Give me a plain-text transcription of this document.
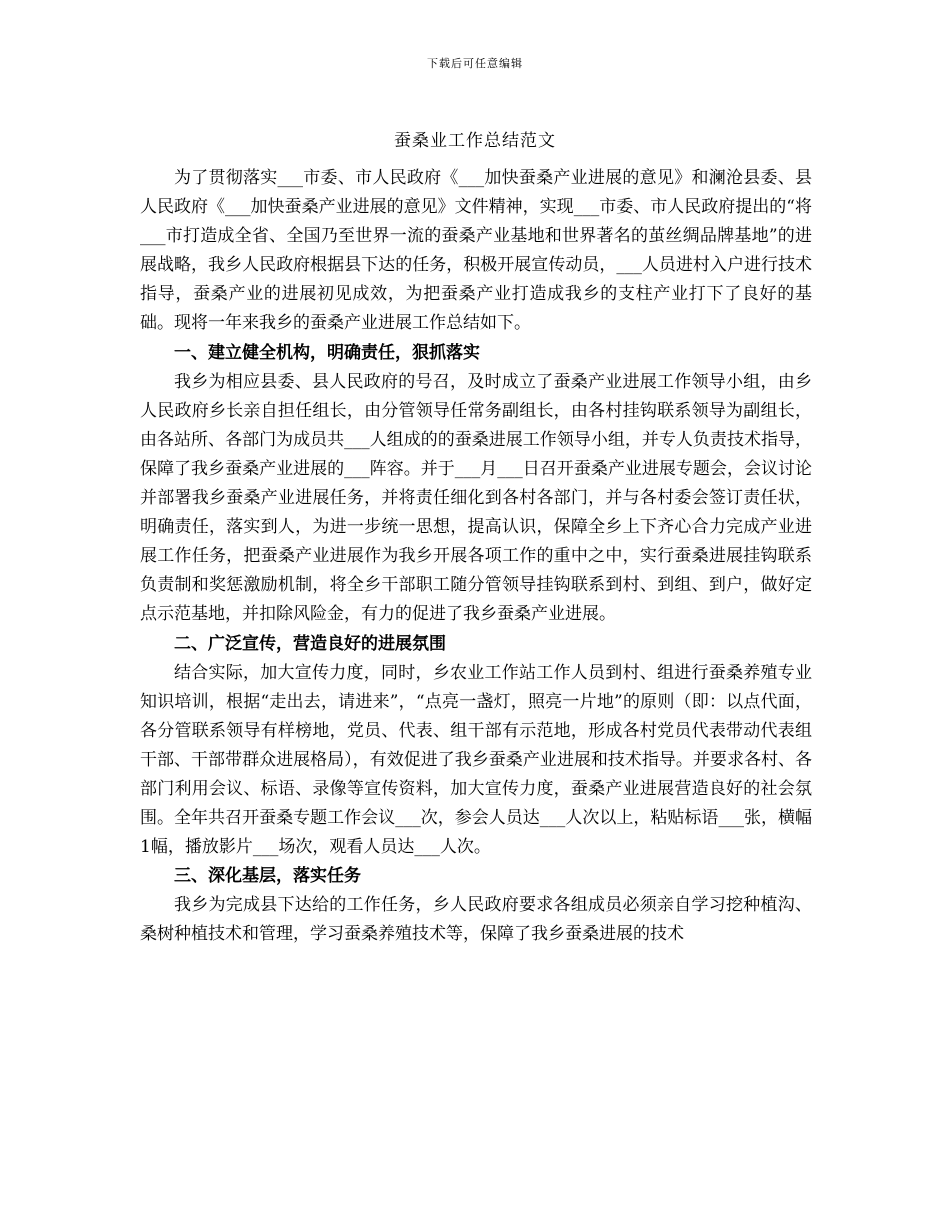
下载后可任意编辑
蚕桑业工作总结范文

为了贯彻落实___市委、市人民政府《___加快蚕桑产业进展的意见》和澜沧县委、县人民政府《___加快蚕桑产业进展的意见》文件精神，实现___市委、市人民政府提出的“将___市打造成全省、全国乃至世界一流的蚕桑产业基地和世界著名的茧丝绸品牌基地”的进展战略，我乡人民政府根据县下达的任务，积极开展宣传动员，___人员进村入户进行技术指导，蚕桑产业的进展初见成效，为把蚕桑产业打造成我乡的支柱产业打下了良好的基础。现将一年来我乡的蚕桑产业进展工作总结如下。

一、建立健全机构，明确责任，狠抓落实

我乡为相应县委、县人民政府的号召，及时成立了蚕桑产业进展工作领导小组，由乡人民政府乡长亲自担任组长，由分管领导任常务副组长，由各村挂钩联系领导为副组长，由各站所、各部门为成员共___人组成的的蚕桑进展工作领导小组，并专人负责技术指导，保障了我乡蚕桑产业进展的___阵容。并于___月___日召开蚕桑产业进展专题会，会议讨论并部署我乡蚕桑产业进展任务，并将责任细化到各村各部门，并与各村委会签订责任状，明确责任，落实到人，为进一步统一思想，提高认识，保障全乡上下齐心合力完成产业进展工作任务，把蚕桑产业进展作为我乡开展各项工作的重中之中，实行蚕桑进展挂钩联系负责制和奖惩激励机制，将全乡干部职工随分管领导挂钩联系到村、到组、到户，做好定点示范基地，并扣除风险金，有力的促进了我乡蚕桑产业进展。

二、广泛宣传，营造良好的进展氛围

结合实际，加大宣传力度，同时，乡农业工作站工作人员到村、组进行蚕桑养殖专业知识培训，根据“走出去，请进来”，“点亮一盏灯，照亮一片地”的原则（即：以点代面，各分管联系领导有样榜地，党员、代表、组干部有示范地，形成各村党员代表带动代表组干部、干部带群众进展格局），有效促进了我乡蚕桑产业进展和技术指导。并要求各村、各部门利用会议、标语、录像等宣传资料，加大宣传力度，蚕桑产业进展营造良好的社会氛围。全年共召开蚕桑专题工作会议___次，参会人员达___人次以上，粘贴标语___张，横幅1幅，播放影片___场次，观看人员达___人次。

三、深化基层，落实任务

我乡为完成县下达给的工作任务，乡人民政府要求各组成员必须亲自学习挖种植沟、桑树种植技术和管理，学习蚕桑养殖技术等，保障了我乡蚕桑进展的技术
